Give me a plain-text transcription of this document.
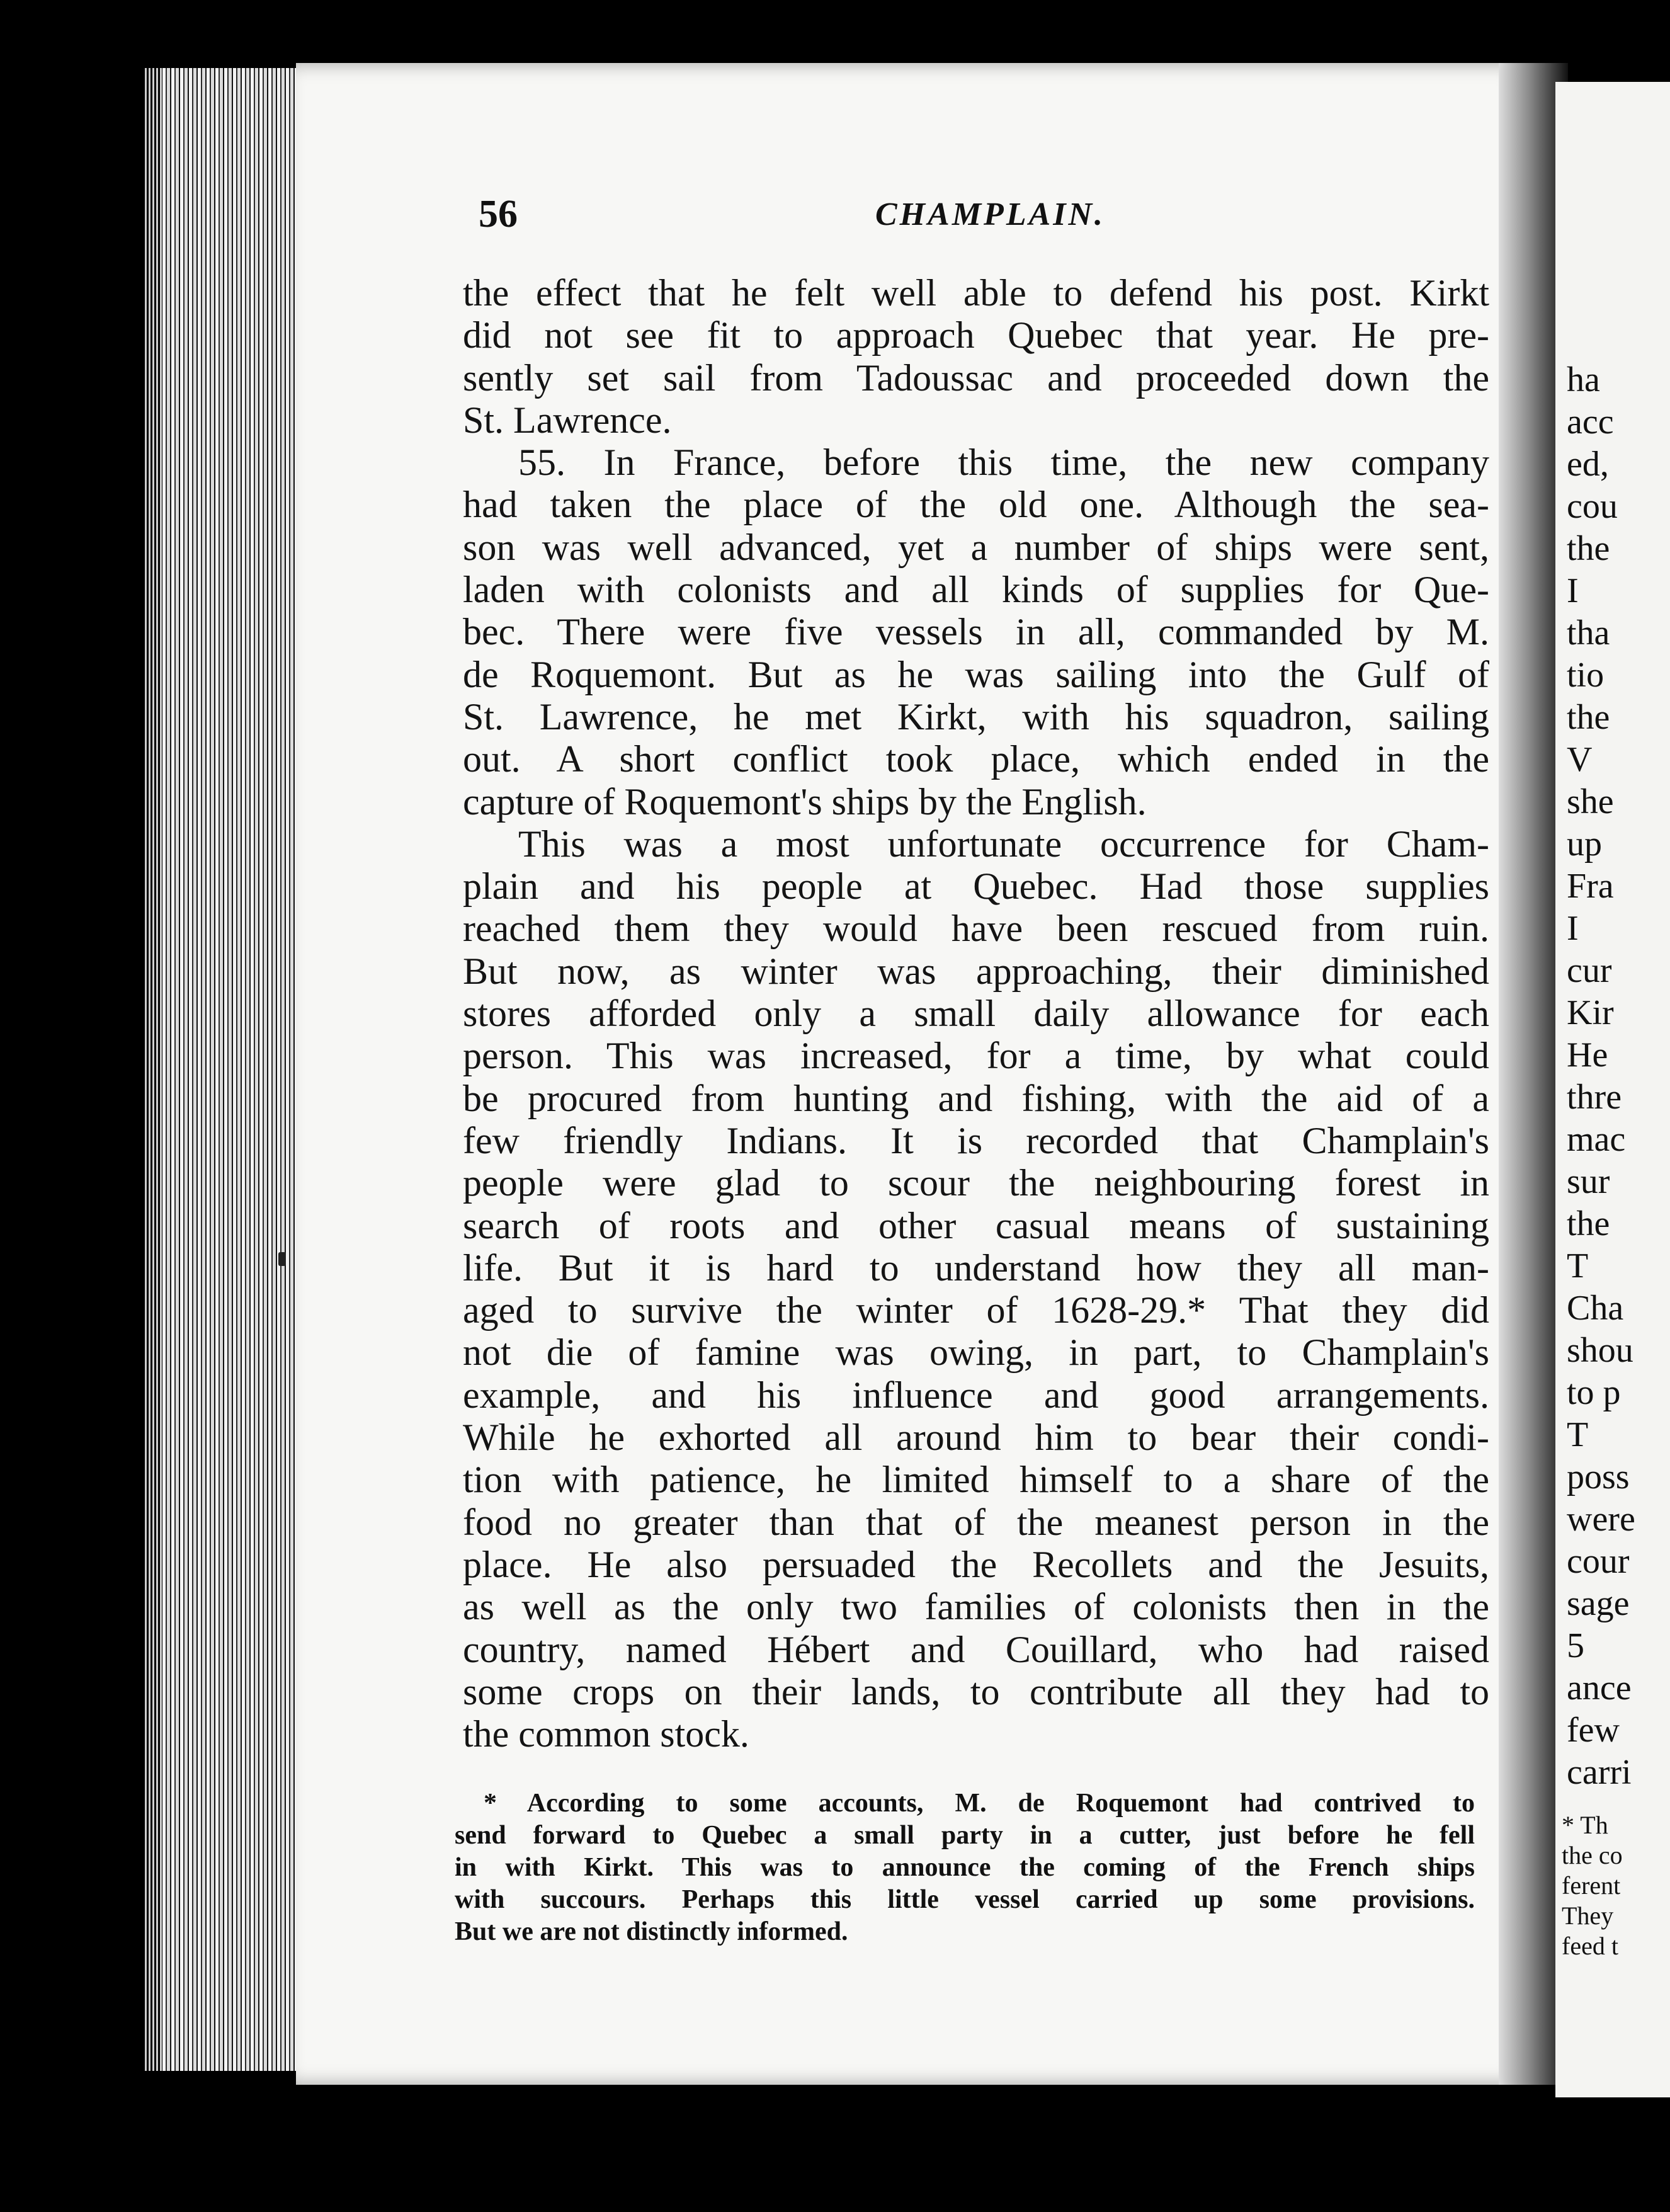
56	CHAMPLAIN.
the effect that he felt well able to defend his post. Kirkt
did not see fit to approach Quebec that year. He pre-
sently set sail from Tadoussac and proceeded down the
St. Lawrence.
55. In France, before this time, the new company
had taken the place of the old one. Although the sea-
son was well advanced, yet a number of ships were sent,
laden with colonists and all kinds of supplies for Que-
bec. There were five vessels in all, commanded by M.
de Roquemont. But as he was sailing into the Gulf of
St. Lawrence, he met Kirkt, with his squadron, sailing
out. A short conflict took place, which ended in the
capture of Roquemont's ships by the English.
This was a most unfortunate occurrence for Cham-
plain and his people at Quebec. Had those supplies
reached them they would have been rescued from ruin.
But now, as winter was approaching, their diminished
stores afforded only a small daily allowance for each
person. This was increased, for a time, by what could
be procured from hunting and fishing, with the aid of a
few friendly Indians. It is recorded that Champlain's
people were glad to scour the neighbouring forest in
search of roots and other casual means of sustaining
life. But it is hard to understand how they all man-
aged to survive the winter of 1628-29.* That they did
not die of famine was owing, in part, to Champlain's
example, and his influence and good arrangements.
While he exhorted all around him to bear their condi-
tion with patience, he limited himself to a share of the
food no greater than that of the meanest person in the
place. He also persuaded the Recollets and the Jesuits,
as well as the only two families of colonists then in the
country, named Hébert and Couillard, who had raised
some crops on their lands, to contribute all they had to
the common stock.
* According to some accounts, M. de Roquemont had contrived to
send forward to Quebec a small party in a cutter, just before he fell
in with Kirkt. This was to announce the coming of the French ships
with succours. Perhaps this little vessel carried up some provisions.
But we are not distinctly informed.
ha
acc
ed,
cou
the
I
tha
tio
the
V
she
up
Fra
I
cur
Kir
He
thre
mac
sur
the
T
Cha
shou
to p
T
poss
were
cour
sage
5
ance
few
carri
* Th
the co
ferent
They
feed t
